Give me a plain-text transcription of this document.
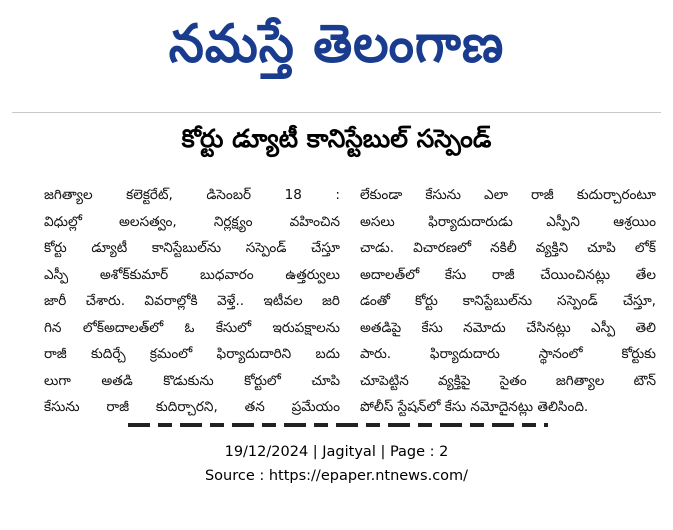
నమస్తే తెలంగాణ
కోర్టు డ్యూటీ కానిస్టేబుల్ సస్పెండ్
జగిత్యాల కలెక్టరేట్, డిసెంబర్ 18 :
విధుల్లో అలసత్వం, నిర్లక్ష్యం వహించిన
కోర్టు డ్యూటీ కానిస్టేబుల్‌ను సస్పెండ్ చేస్తూ
ఎస్పీ అశోక్‌కుమార్ బుధవారం ఉత్తర్వులు
జారీ చేశారు. వివరాల్లోకి వెళ్తే.. ఇటీవల జరి
గిన లోక్‌అదాలత్‌లో ఓ కేసులో ఇరుపక్షాలను
రాజీ కుదిర్చే క్రమంలో ఫిర్యాదుదారిని బదు
లుగా అతడి కొడుకును కోర్టులో చూపి
కేసును రాజీ కుదిర్చారని, తన ప్రమేయం
లేకుండా కేసును ఎలా రాజీ కుదుర్చారంటూ
అసలు ఫిర్యాదుదారుడు ఎస్పీని ఆశ్రయిం
చాడు. విచారణలో నకిలీ వ్యక్తిని చూపి లోక్
అదాలత్‌లో కేసు రాజీ చేయించినట్లు తేల
డంతో కోర్టు కానిస్టేబుల్‌ను సస్పెండ్ చేస్తూ,
అతడిపై కేసు నమోదు చేసినట్లు ఎస్పీ తెలి
పారు. ఫిర్యాదుదారు స్థానంలో కోర్టుకు
చూపెట్టిన వ్యక్తిపై సైతం జగిత్యాల టౌన్
పోలీస్ స్టేషన్‌లో కేసు నమోదైనట్లు తెలిసింది.
19/12/2024 | Jagityal | Page : 2
Source : https://epaper.ntnews.com/
